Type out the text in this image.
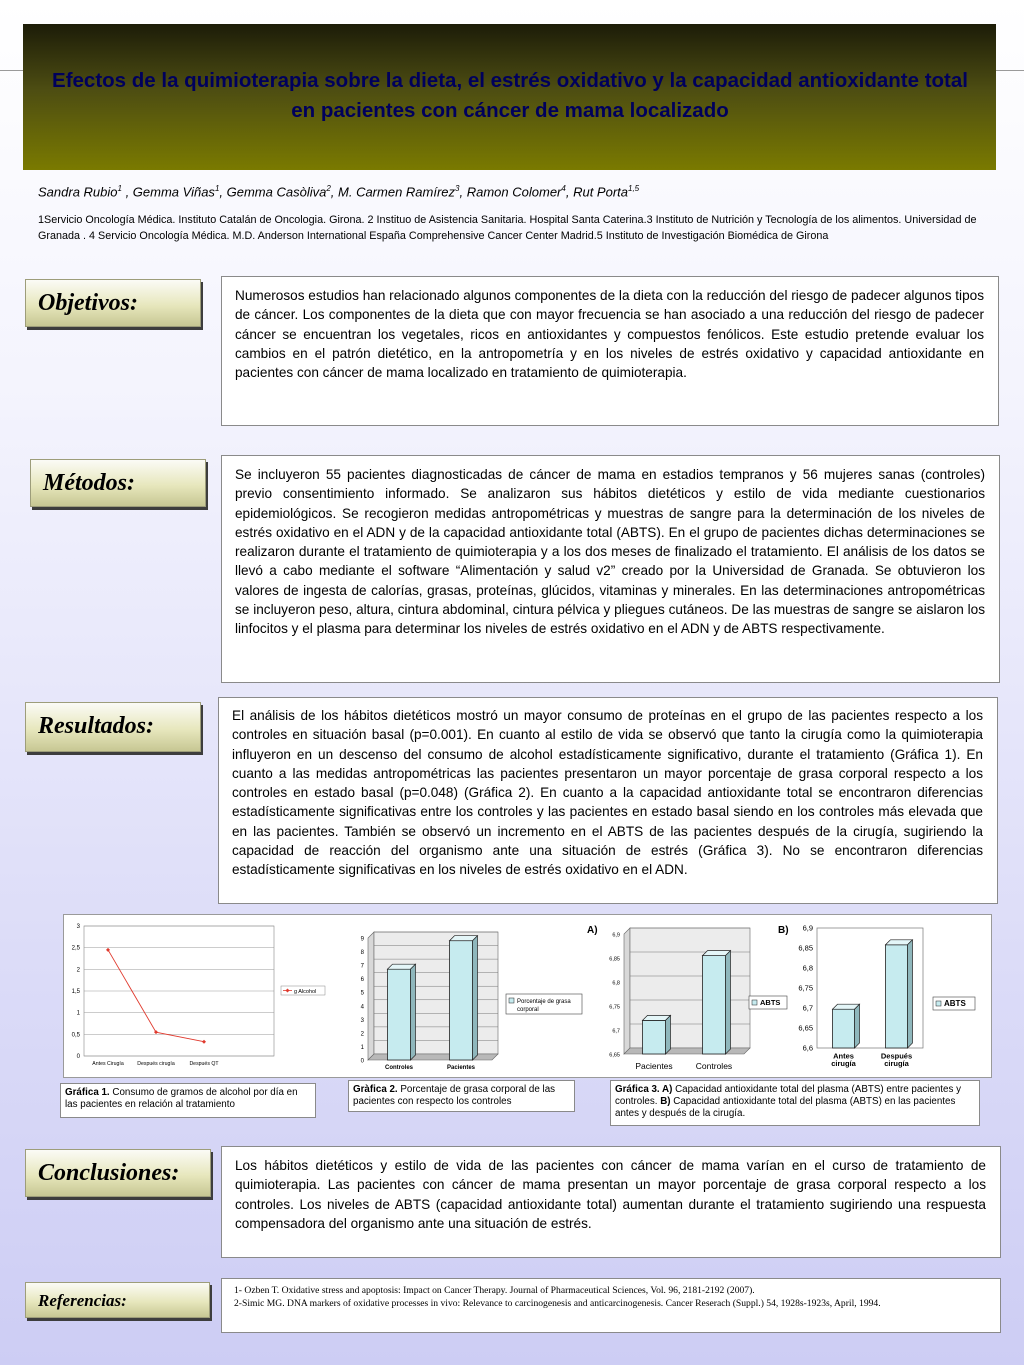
Efectos de la quimioterapia sobre la dieta, el estrés oxidativo y la capacidad antioxidante total en pacientes con cáncer de mama localizado
Sandra Rubio$^1$ , Gemma Viñas$^1$, Gemma Casòliva$^2$, M. Carmen Ramírez$^3$, Ramon Colomer$^4$, Rut Porta$^{1,5}$
1Servicio Oncología Médica. Instituto Catalán de Oncologia. Girona. 2 Instituo de Asistencia Sanitaria. Hospital Santa Caterina.3 Instituto de Nutrición y Tecnología de los alimentos. Universidad de Granada . 4 Servicio Oncología Médica. M.D. Anderson International España Comprehensive Cancer Center Madrid.5 Instituto de Investigación Biomédica de Girona
Objetivos:	Numerosos estudios han relacionado algunos componentes de la dieta con la reducción del riesgo de padecer algunos tipos de cáncer. Los componentes de la dieta que con mayor frecuencia se han asociado a una reducción del riesgo de padecer cáncer se encuentran los vegetales, ricos en antioxidantes y compuestos fenólicos. Este estudio pretende evaluar los cambios en el patrón dietético, en la antropometría y en los niveles de estrés oxidativo y capacidad antioxidante en pacientes con cáncer de mama localizado en tratamiento de quimioterapia.
Métodos:	Se incluyeron 55 pacientes diagnosticadas de cáncer de mama en estadios tempranos y 56 mujeres sanas (controles) previo consentimiento informado. Se analizaron sus hábitos dietéticos y estilo de vida mediante cuestionarios epidemiológicos. Se recogieron medidas antropométricas y muestras de sangre para la determinación de los niveles de estrés oxidativo en el ADN y de la capacidad antioxidante total (ABTS). En el grupo de pacientes dichas determinaciones se realizaron durante el tratamiento de quimioterapia y a los dos meses de finalizado el tratamiento. El análisis de los datos se llevó a cabo mediante el software “Alimentación y salud v2” creado por la Universidad de Granada. Se obtuvieron los valores de ingesta de calorías, grasas, proteínas, glúcidos, vitaminas y minerales. En las determinaciones antropométricas se incluyeron peso, altura, cintura abdominal, cintura pélvica y pliegues cutáneos. De las muestras de sangre se aislaron los linfocitos y el plasma para determinar los niveles de estrés oxidativo en el ADN y de ABTS respectivamente.
Resultados:	El análisis de los hábitos dietéticos mostró un mayor consumo de proteínas en el grupo de las pacientes respecto a los controles en situación basal (p=0.001). En cuanto al estilo de vida se observó que tanto la cirugía como la quimioterapia influyeron en un descenso del consumo de alcohol estadísticamente significativo, durante el tratamiento (Gráfica 1). En cuanto a las medidas antropométricas las pacientes presentaron un mayor porcentaje de grasa corporal respecto a los controles en estado basal (p=0.048) (Gráfica 2). En cuanto a la capacidad antioxidante total se encontraron diferencias estadísticamente significativas entre los controles y las pacientes en estado basal siendo en los controles más elevada que en las pacientes. También se observó un incremento en el ABTS de las pacientes después de la cirugía, sugiriendo la capacidad de reacción del organismo ante una situación de estrés (Gráfica 3). No se encontraron diferencias estadísticamente significativas en los niveles de estrés oxidativo en el ADN.
0
0,5
1
1,5
2
2,5
3
Antes Cirugía	Después cirugía	Después QT
g Alcohol
0
1
2
3
4
5
6
7
8
9
Controles	Pacientes
Porcentaje de grasa
corporal
6,65
6,7
6,75
6,8
6,85
6,9
Pacientes	Controles
ABTS
6,6
6,65
6,7
6,75
6,8
6,85
6,9
Antes
cirugía
Después
cirugía
ABTS
A)	B)
Gráfica 1. Consumo de gramos de alcohol por día en las pacientes en relación al tratamiento
Gràfica 2. Porcentaje de grasa corporal de las pacientes con respecto los controles
Gráfica 3. A) Capacidad antioxidante total del plasma (ABTS) entre pacientes y controles. B) Capacidad antioxidante total del plasma (ABTS) en las pacientes antes y después de la cirugía.
Conclusiones:	Los hábitos dietéticos y estilo de vida de las pacientes con cáncer de mama varían en el curso de tratamiento de quimioterapia. Las pacientes con cáncer de mama presentan un mayor porcentaje de grasa corporal respecto a los controles. Los niveles de ABTS (capacidad antioxidante total) aumentan durante el tratamiento sugiriendo una respuesta compensadora del organismo ante una situación de estrés.
Referencias:
1- Ozben T. Oxidative stress and apoptosis: Impact on Cancer Therapy. Journal of Pharmaceutical Sciences, Vol. 96, 2181-2192 (2007).
2-Simic MG. DNA markers of oxidative processes in vivo: Relevance to carcinogenesis and anticarcinogenesis. Cancer Reserach (Suppl.) 54, 1928s-1923s, April, 1994.
